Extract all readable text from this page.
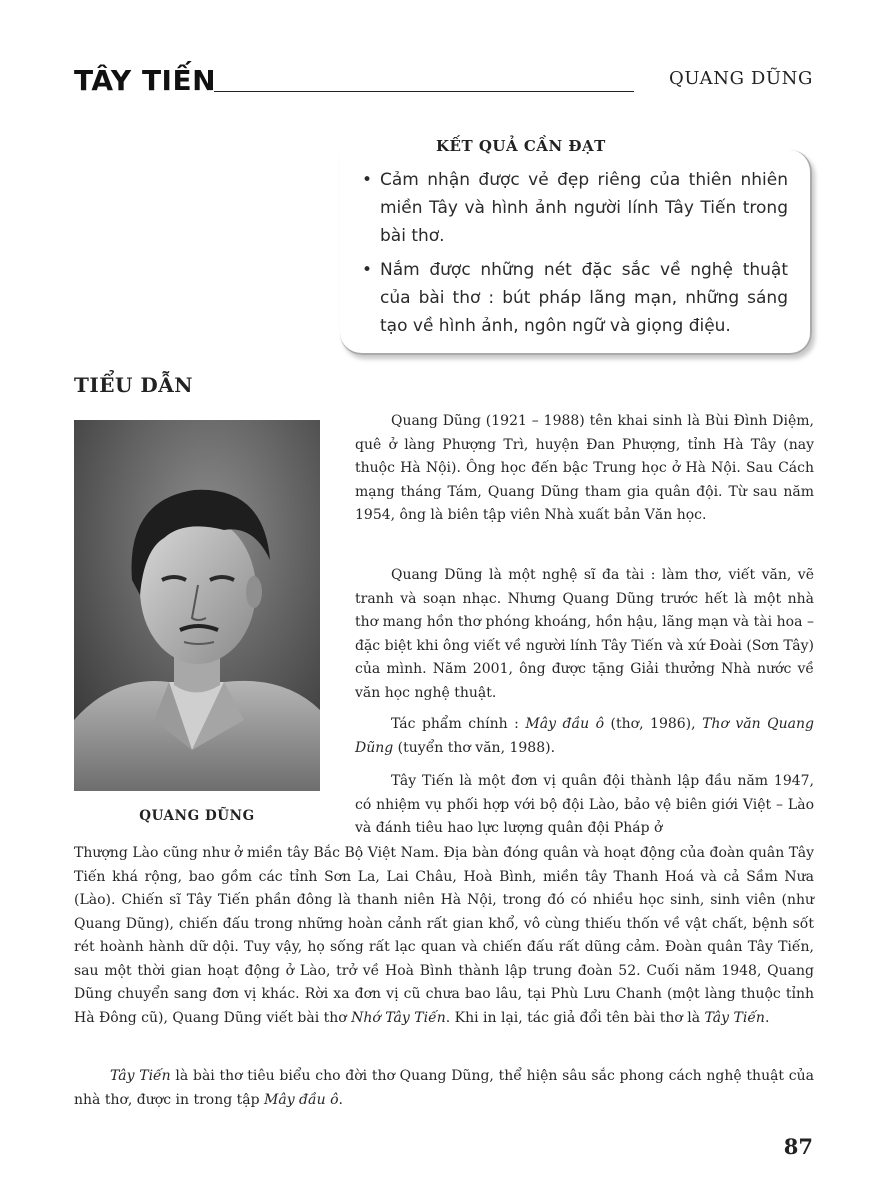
TÂY TIẾN	QUANG DŨNG
KẾT QUẢ CẦN ĐẠT
• Cảm nhận được vẻ đẹp riêng của thiên nhiên miền Tây và hình ảnh người lính Tây Tiến trong bài thơ.
• Nắm được những nét đặc sắc về nghệ thuật của bài thơ : bút pháp lãng mạn, những sáng tạo về hình ảnh, ngôn ngữ và giọng điệu.
TIỂU DẪN
QUANG DŨNG

Quang Dũng (1921 – 1988) tên khai sinh là Bùi Đình Diệm, quê ở làng Phượng Trì, huyện Đan Phượng, tỉnh Hà Tây (nay thuộc Hà Nội). Ông học đến bậc Trung học ở Hà Nội. Sau Cách mạng tháng Tám, Quang Dũng tham gia quân đội. Từ sau năm 1954, ông là biên tập viên Nhà xuất bản Văn học.

Quang Dũng là một nghệ sĩ đa tài : làm thơ, viết văn, vẽ tranh và soạn nhạc. Nhưng Quang Dũng trước hết là một nhà thơ mang hồn thơ phóng khoáng, hồn hậu, lãng mạn và tài hoa – đặc biệt khi ông viết về người lính Tây Tiến và xứ Đoài (Sơn Tây) của mình. Năm 2001, ông được tặng Giải thưởng Nhà nước về văn học nghệ thuật.

Tác phẩm chính : Mây đầu ô (thơ, 1986), Thơ văn Quang Dũng (tuyển thơ văn, 1988).

Tây Tiến là một đơn vị quân đội thành lập đầu năm 1947, có nhiệm vụ phối hợp với bộ đội Lào, bảo vệ biên giới Việt – Lào và đánh tiêu hao lực lượng quân đội Pháp ở

Thượng Lào cũng như ở miền tây Bắc Bộ Việt Nam. Địa bàn đóng quân và hoạt động của đoàn quân Tây Tiến khá rộng, bao gồm các tỉnh Sơn La, Lai Châu, Hoà Bình, miền tây Thanh Hoá và cả Sầm Nưa (Lào). Chiến sĩ Tây Tiến phần đông là thanh niên Hà Nội, trong đó có nhiều học sinh, sinh viên (như Quang Dũng), chiến đấu trong những hoàn cảnh rất gian khổ, vô cùng thiếu thốn về vật chất, bệnh sốt rét hoành hành dữ dội. Tuy vậy, họ sống rất lạc quan và chiến đấu rất dũng cảm. Đoàn quân Tây Tiến, sau một thời gian hoạt động ở Lào, trở về Hoà Bình thành lập trung đoàn 52. Cuối năm 1948, Quang Dũng chuyển sang đơn vị khác. Rời xa đơn vị cũ chưa bao lâu, tại Phù Lưu Chanh (một làng thuộc tỉnh Hà Đông cũ), Quang Dũng viết bài thơ Nhớ Tây Tiến. Khi in lại, tác giả đổi tên bài thơ là Tây Tiến.

Tây Tiến là bài thơ tiêu biểu cho đời thơ Quang Dũng, thể hiện sâu sắc phong cách nghệ thuật của nhà thơ, được in trong tập Mây đầu ô.

87
